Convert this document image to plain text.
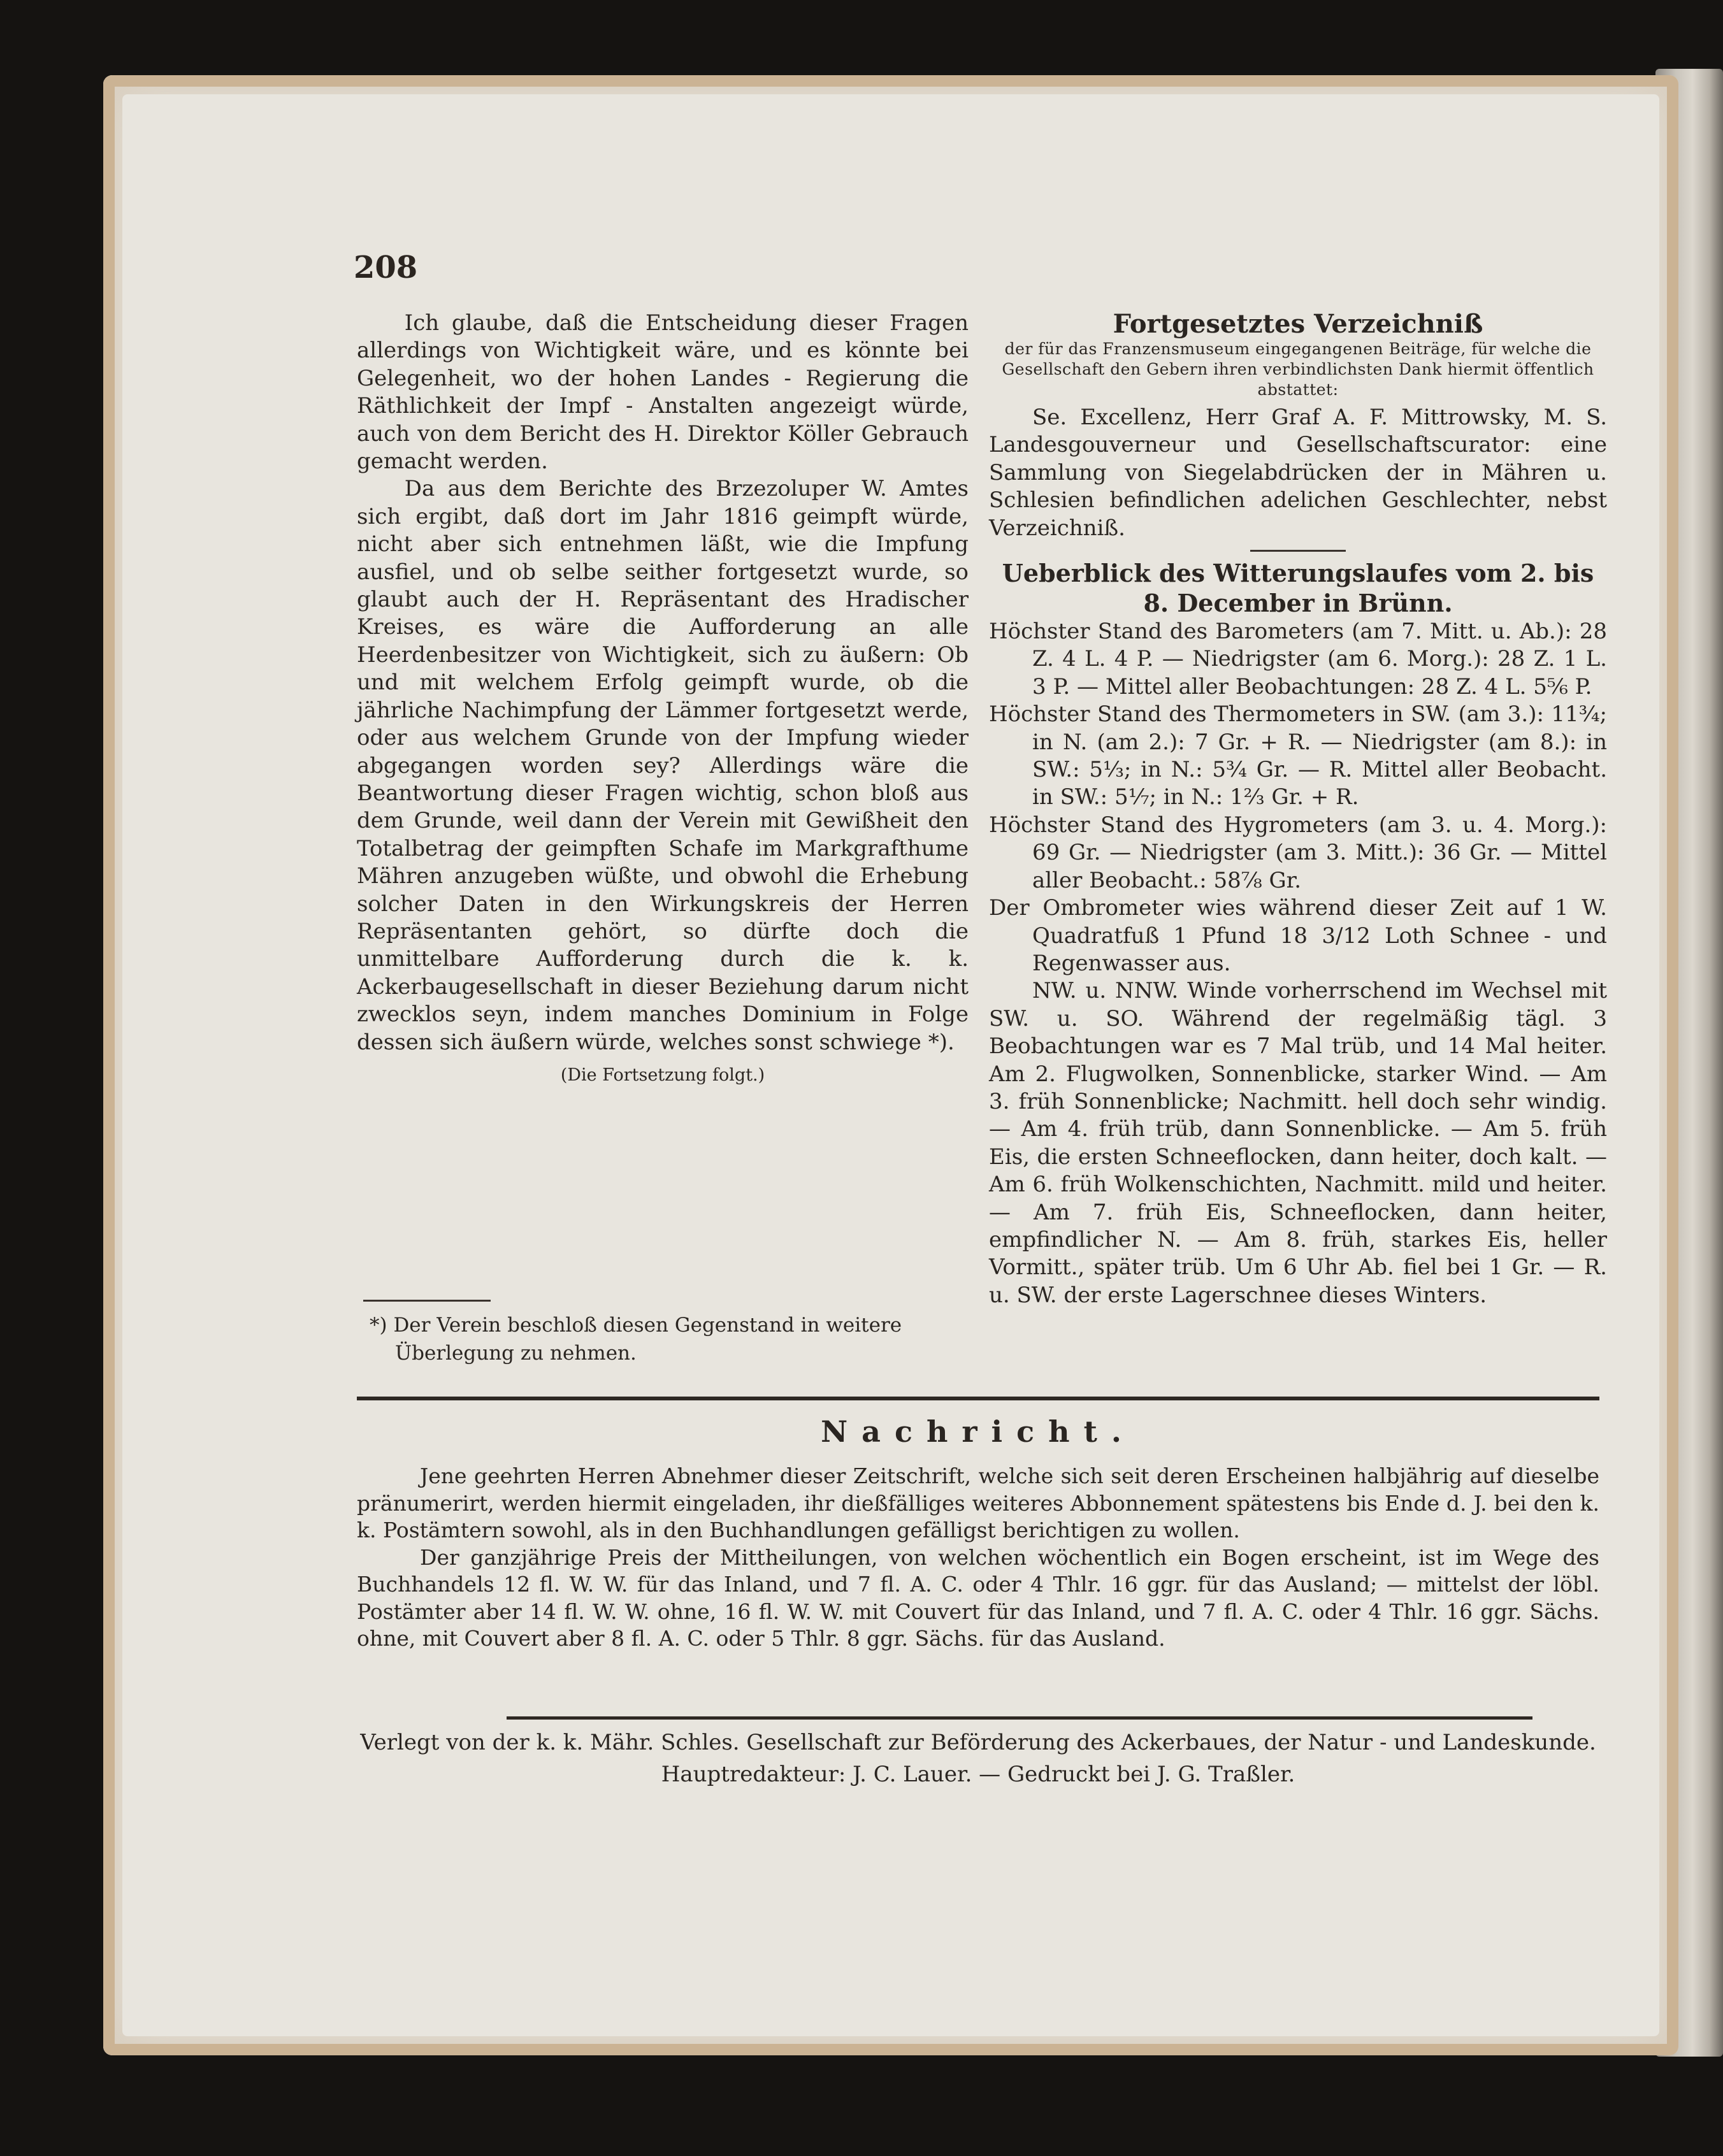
208

Ich glaube, daß die Entscheidung dieser Fragen allerdings von Wichtigkeit wäre, und es könnte bei Gelegenheit, wo der hohen Landes - Regierung die Räthlichkeit der Impf - Anstalten angezeigt würde, auch von dem Bericht des H. Direktor Köller Gebrauch gemacht werden.

Da aus dem Berichte des Brzezoluper W. Amtes sich ergibt, daß dort im Jahr 1816 geimpft würde, nicht aber sich entnehmen läßt, wie die Impfung ausfiel, und ob selbe seither fortgesetzt wurde, so glaubt auch der H. Repräsentant des Hradischer Kreises, es wäre die Aufforderung an alle Heerdenbesitzer von Wichtigkeit, sich zu äußern: Ob und mit welchem Erfolg geimpft wurde, ob die jährliche Nachimpfung der Lämmer fortgesetzt werde, oder aus welchem Grunde von der Impfung wieder abgegangen worden sey? Allerdings wäre die Beantwortung dieser Fragen wichtig, schon bloß aus dem Grunde, weil dann der Verein mit Gewißheit den Totalbetrag der geimpften Schafe im Markgrafthume Mähren anzugeben wüßte, und obwohl die Erhebung solcher Daten in den Wirkungskreis der Herren Repräsentanten gehört, so dürfte doch die unmittelbare Aufforderung durch die k. k. Ackerbaugesellschaft in dieser Beziehung darum nicht zwecklos seyn, indem manches Dominium in Folge dessen sich äußern würde, welches sonst schwiege *).

(Die Fortsetzung folgt.)

*) Der Verein beschloß diesen Gegenstand in weitere Überlegung zu nehmen.

Fortgesetztes Verzeichniß

der für das Franzensmuseum eingegangenen Beiträge, für welche die Gesellschaft den Gebern ihren verbindlichsten Dank hiermit öffentlich abstattet:

Se. Excellenz, Herr Graf A. F. Mittrowsky, M. S. Landesgouverneur und Gesellschaftscurator: eine Sammlung von Siegelabdrücken der in Mähren u. Schlesien befindlichen adelichen Geschlechter, nebst Verzeichniß.

Ueberblick des Witterungslaufes vom 2. bis 8. December in Brünn.

Höchster Stand des Barometers (am 7. Mitt. u. Ab.): 28 Z. 4 L. 4 P. — Niedrigster (am 6. Morg.): 28 Z. 1 L. 3 P. — Mittel aller Beobachtungen: 28 Z. 4 L. 5⅚ P.

Höchster Stand des Thermometers in SW. (am 3.): 11¾; in N. (am 2.): 7 Gr. + R. — Niedrigster (am 8.): in SW.: 5⅓; in N.: 5¾ Gr. — R. Mittel aller Beobacht. in SW.: 5⅐; in N.: 1⅔ Gr. + R.

Höchster Stand des Hygrometers (am 3. u. 4. Morg.): 69 Gr. — Niedrigster (am 3. Mitt.): 36 Gr. — Mittel aller Beobacht.: 58⅞ Gr.

Der Ombrometer wies während dieser Zeit auf 1 W. Quadratfuß 1 Pfund 18 3/12 Loth Schnee - und Regenwasser aus.

NW. u. NNW. Winde vorherrschend im Wechsel mit SW. u. SO. Während der regelmäßig tägl. 3 Beobachtungen war es 7 Mal trüb, und 14 Mal heiter. Am 2. Flugwolken, Sonnenblicke, starker Wind. — Am 3. früh Sonnenblicke; Nachmitt. hell doch sehr windig. — Am 4. früh trüb, dann Sonnenblicke. — Am 5. früh Eis, die ersten Schneeflocken, dann heiter, doch kalt. — Am 6. früh Wolkenschichten, Nachmitt. mild und heiter. — Am 7. früh Eis, Schneeflocken, dann heiter, empfindlicher N. — Am 8. früh, starkes Eis, heller Vormitt., später trüb. Um 6 Uhr Ab. fiel bei 1 Gr. — R. u. SW. der erste Lagerschnee dieses Winters.

Nachricht.

Jene geehrten Herren Abnehmer dieser Zeitschrift, welche sich seit deren Erscheinen halbjährig auf dieselbe pränumerirt, werden hiermit eingeladen, ihr dießfälliges weiteres Abbonnement spätestens bis Ende d. J. bei den k. k. Postämtern sowohl, als in den Buchhandlungen gefälligst berichtigen zu wollen.

Der ganzjährige Preis der Mittheilungen, von welchen wöchentlich ein Bogen erscheint, ist im Wege des Buchhandels 12 fl. W. W. für das Inland, und 7 fl. A. C. oder 4 Thlr. 16 ggr. für das Ausland; — mittelst der löbl. Postämter aber 14 fl. W. W. ohne, 16 fl. W. W. mit Couvert für das Inland, und 7 fl. A. C. oder 4 Thlr. 16 ggr. Sächs. ohne, mit Couvert aber 8 fl. A. C. oder 5 Thlr. 8 ggr. Sächs. für das Ausland.

Verlegt von der k. k. Mähr. Schles. Gesellschaft zur Beförderung des Ackerbaues, der Natur - und Landeskunde.
Hauptredakteur: J. C. Lauer. — Gedruckt bei J. G. Traßler.
